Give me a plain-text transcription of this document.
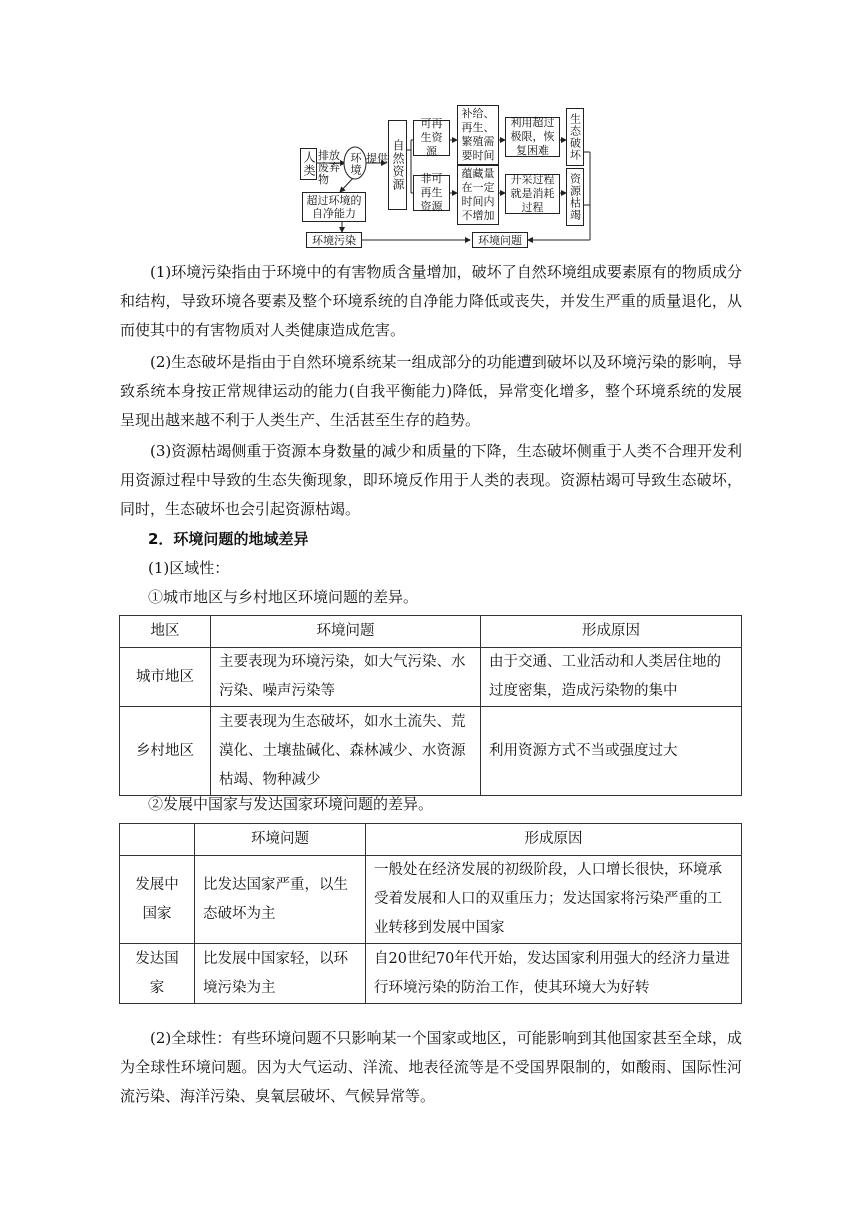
人类 排放废弃物
环境 提供 自然资源
可再生资源
补给、再生、繁殖需要时间
利用超过极限，恢复困难	生态破坏
非可再生资源
蕴藏量在一定时间内不增加
开采过程就是消耗过程	资源枯竭
超过环境的自净能力
环境污染	环境问题

(1)环境污染指由于环境中的有害物质含量增加，破坏了自然环境组成要素原有的物质成分和结构，导致环境各要素及整个环境系统的自净能力降低或丧失，并发生严重的质量退化，从而使其中的有害物质对人类健康造成危害。

(2)生态破坏是指由于自然环境系统某一组成部分的功能遭到破坏以及环境污染的影响，导致系统本身按正常规律运动的能力(自我平衡能力)降低，异常变化增多，整个环境系统的发展呈现出越来越不利于人类生产、生活甚至生存的趋势。

(3)资源枯竭侧重于资源本身数量的减少和质量的下降，生态破坏侧重于人类不合理开发利用资源过程中导致的生态失衡现象，即环境反作用于人类的表现。资源枯竭可导致生态破坏，同时，生态破坏也会引起资源枯竭。

2．环境问题的地域差异

(1)区域性：

①城市地区与乡村地区环境问题的差异。

地区	环境问题	形成原因
城市地区	主要表现为环境污染，如大气污染、水污染、噪声污染等	由于交通、工业活动和人类居住地的过度密集，造成污染物的集中
乡村地区	主要表现为生态破坏，如水土流失、荒漠化、土壤盐碱化、森林减少、水资源枯竭、物种减少	利用资源方式不当或强度过大

②发展中国家与发达国家环境问题的差异。

	环境问题	形成原因
发展中国家	比发达国家严重，以生态破坏为主	一般处在经济发展的初级阶段，人口增长很快，环境承受着发展和人口的双重压力；发达国家将污染严重的工业转移到发展中国家
发达国家	比发展中国家轻，以环境污染为主	自20世纪70年代开始，发达国家利用强大的经济力量进行环境污染的防治工作，使其环境大为好转

(2)全球性：有些环境问题不只影响某一个国家或地区，可能影响到其他国家甚至全球，成为全球性环境问题。因为大气运动、洋流、地表径流等是不受国界限制的，如酸雨、国际性河流污染、海洋污染、臭氧层破坏、气候异常等。
